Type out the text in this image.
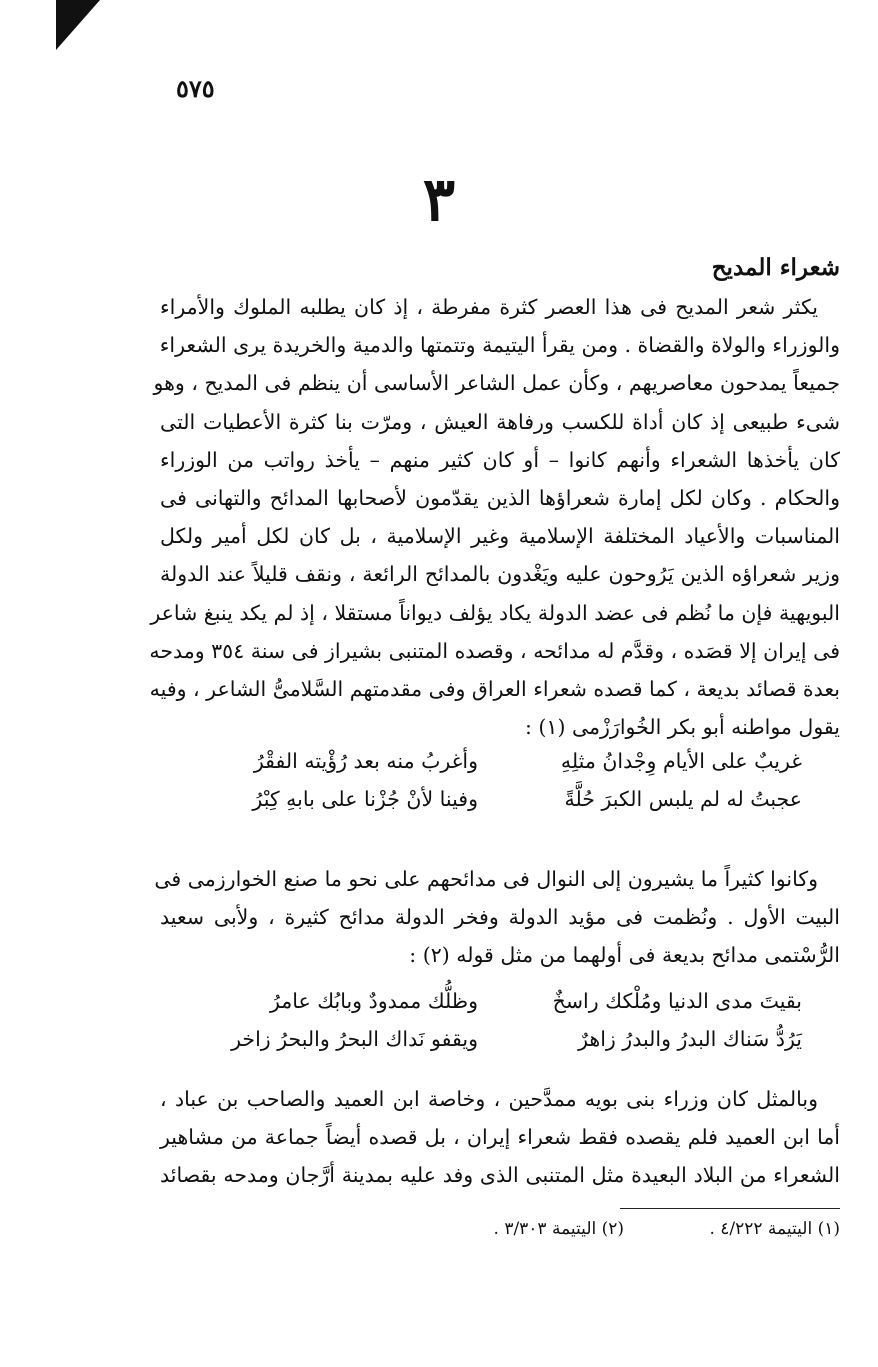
٥٧٥
٣
شعراء المديح
يكثر شعر المديح فى هذا العصر كثرة مفرطة ، إذ كان يطلبه الملوك والأمراء
والوزراء والولاة والقضاة . ومن يقرأ اليتيمة وتتمتها والدمية والخريدة يرى الشعراء
جميعاً يمدحون معاصريهم ، وكأن عمل الشاعر الأساسى أن ينظم فى المديح ، وهو
شىء طبيعى إذ كان أداة للكسب ورفاهة العيش ، ومرّت بنا كثرة الأعطيات التى
كان يأخذها الشعراء وأنهم كانوا – أو كان كثير منهم – يأخذ رواتب من الوزراء
والحكام . وكان لكل إمارة شعراؤها الذين يقدّمون لأصحابها المدائح والتهانى فى
المناسبات والأعياد المختلفة الإسلامية وغير الإسلامية ، بل كان لكل أمير ولكل
وزير شعراؤه الذين يَرُوحون عليه ويَغْدون بالمدائح الرائعة ، ونقف قليلاً عند الدولة
البويهية فإن ما نُظم فى عضد الدولة يكاد يؤلف ديواناً مستقلا ، إذ لم يكد ينبغ شاعر
فى إيران إلا قصَده ، وقدَّم له مدائحه ، وقصده المتنبى بشيراز فى سنة ٣٥٤ ومدحه
بعدة قصائد بديعة ، كما قصده شعراء العراق وفى مقدمتهم السَّلامىُّ الشاعر ، وفيه
يقول مواطنه أبو بكر الخُوارَزْمى (١) :
غريبٌ على الأيام وِجْدانُ مثلِهِ
وأغربُ منه بعد رُؤْيته الفقْرُ
عجبتُ له لم يلبس الكبرَ حُلَّةً
وفينا لأنْ جُزْنا على بابهِ كِبْرُ
وكانوا كثيراً ما يشيرون إلى النوال فى مدائحهم على نحو ما صنع الخوارزمى فى
البيت الأول . ونُظمت فى مؤيد الدولة وفخر الدولة مدائح كثيرة ، ولأبى سعيد
الرُّسْتمى مدائح بديعة فى أولهما من مثل قوله (٢) :
بقيتَ مدى الدنيا ومُلْكك راسخٌ
وظلُّك ممدودٌ وبابُك عامرُ
يَرُدُّ سَناك البدرُ والبدرُ زاهرٌ
ويقفو نَداك البحرُ والبحرُ زاخر
وبالمثل كان وزراء بنى بويه ممدَّحين ، وخاصة ابن العميد والصاحب بن عباد ،
أما ابن العميد فلم يقصده فقط شعراء إيران ، بل قصده أيضاً جماعة من مشاهير
الشعراء من البلاد البعيدة مثل المتنبى الذى وفد عليه بمدينة أرَّجان ومدحه بقصائد
(١) اليتيمة ٤/٢٢٢ . (٢) اليتيمة ٣/٣٠٣ .
